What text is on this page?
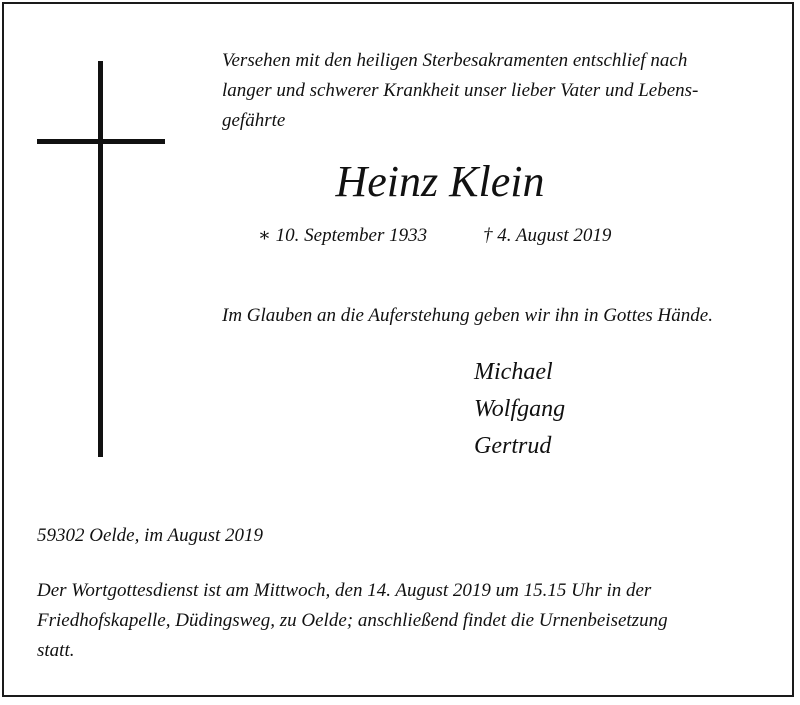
Versehen mit den heiligen Sterbesakramenten entschlief nach
langer und schwerer Krankheit unser lieber Vater und Lebens-
gefährte

Heinz Klein
∗ 10. September 1933	† 4. August 2019

Im Glauben an die Auferstehung geben wir ihn in Gottes Hände.

Michael
Wolfgang
Gertrud

59302 Oelde, im August 2019

Der Wortgottesdienst ist am Mittwoch, den 14. August 2019 um 15.15 Uhr in der
Friedhofskapelle, Düdingsweg, zu Oelde; anschließend findet die Urnenbeisetzung
statt.
